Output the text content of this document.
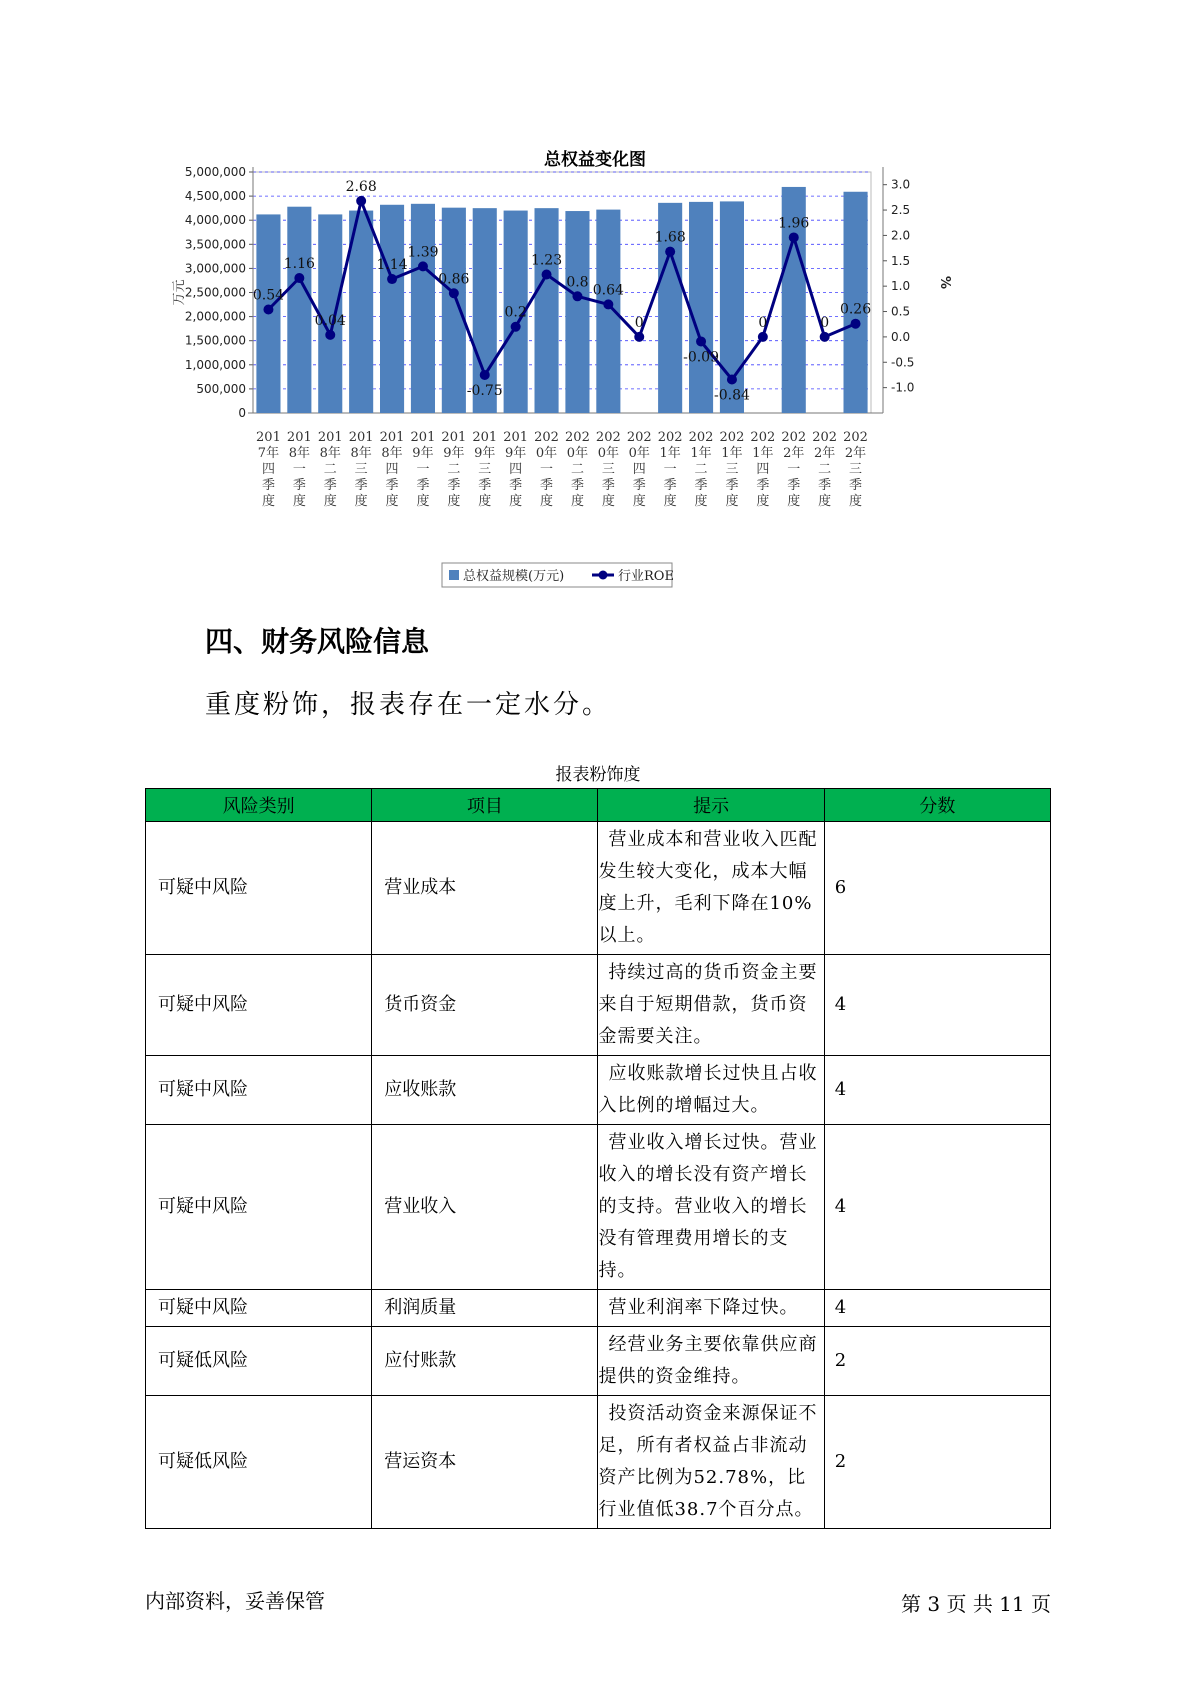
总权益变化图
0
500,000
1,000,000
1,500,000
2,000,000
2,500,000
3,000,000
3,500,000
4,000,000
4,500,000
5,000,000
万元
-1.0
-0.5
0.0
0.5
1.0
1.5
2.0
2.5
3.0
%
201
7年
四
季
度
201
8年
一
季
度
201
8年
二
季
度
201
8年
三
季
度
201
8年
四
季
度
201
9年
一
季
度
201
9年
二
季
度
201
9年
三
季
度
201
9年
四
季
度
202
0年
一
季
度
202
0年
二
季
度
202
0年
三
季
度
202
0年
四
季
度
202
1年
一
季
度
202
1年
二
季
度
202
1年
三
季
度
202
1年
四
季
度
202
2年
一
季
度
202
2年
二
季
度
202
2年
三
季
度
0.54
1.16
0.04
2.68
1.14
1.39
0.86
-0.75
0.2
1.23
0.8
0.64
0
1.68
-0.09
-0.84
0
1.96
0
0.26
总权益规模(万元)	行业ROE
四、财务风险信息
重度粉饰，报表存在一定水分。
报表粉饰度
风险类别	项目	提示	分数

可疑中风险	营业成本	营业成本和营业收入匹配发生较大变化，成本大幅度上升，毛利下降在10%以上。	6

可疑中风险	货币资金	持续过高的货币资金主要来自于短期借款，货币资金需要关注。	4

可疑中风险	应收账款	应收账款增长过快且占收入比例的增幅过大。	4

可疑中风险	营业收入	营业收入增长过快。营业收入的增长没有资产增长的支持。营业收入的增长没有管理费用增长的支持。	4

可疑中风险	利润质量	营业利润率下降过快。	4

可疑低风险	应付账款	经营业务主要依靠供应商提供的资金维持。	2

可疑低风险	营运资本	投资活动资金来源保证不足，所有者权益占非流动资产比例为52.78%，比行业值低38.7个百分点。	2
内部资料，妥善保管	第 3 页 共 11 页
